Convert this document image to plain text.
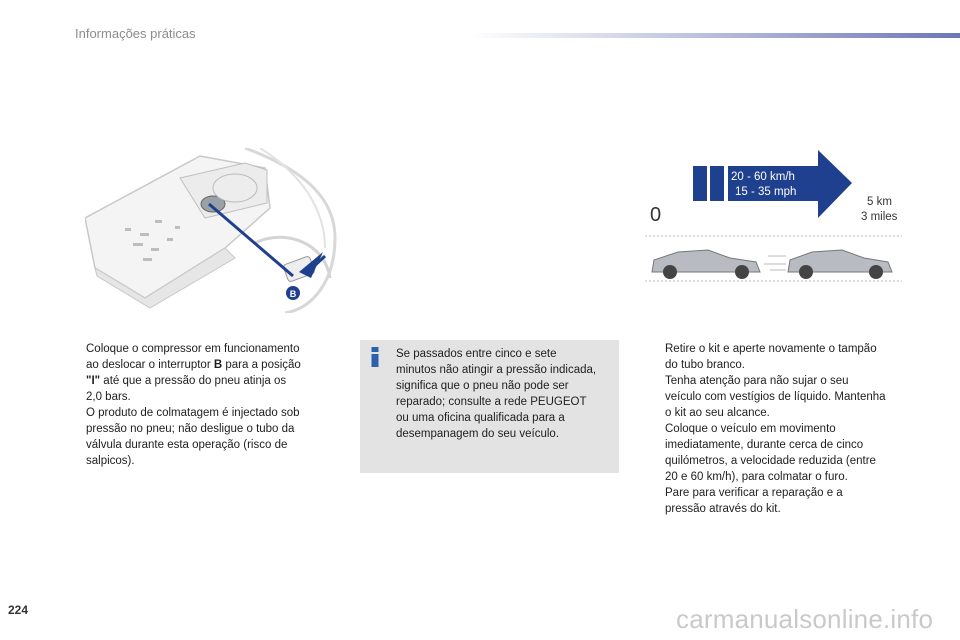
Informações práticas
B
0
20 - 60 km/h
15 - 35 mph
5 km
3 miles
Coloque o compressor em funcionamento
ao deslocar o interruptor B para a posição
"I" até que a pressão do pneu atinja os
2,0 bars.
O produto de colmatagem é injectado sob
pressão no pneu; não desligue o tubo da
válvula durante esta operação (risco de
salpicos).
Se passados entre cinco e sete
minutos não atingir a pressão indicada,
significa que o pneu não pode ser
reparado; consulte a rede PEUGEOT
ou uma oficina qualificada para a
desempanagem do seu veículo.
Retire o kit e aperte novamente o tampão
do tubo branco.
Tenha atenção para não sujar o seu
veículo com vestígios de líquido. Mantenha
o kit ao seu alcance.
Coloque o veículo em movimento
imediatamente, durante cerca de cinco
quilómetros, a velocidade reduzida (entre
20 e 60 km/h), para colmatar o furo.
Pare para verificar a reparação e a
pressão através do kit.
224	carmanualsonline.info
